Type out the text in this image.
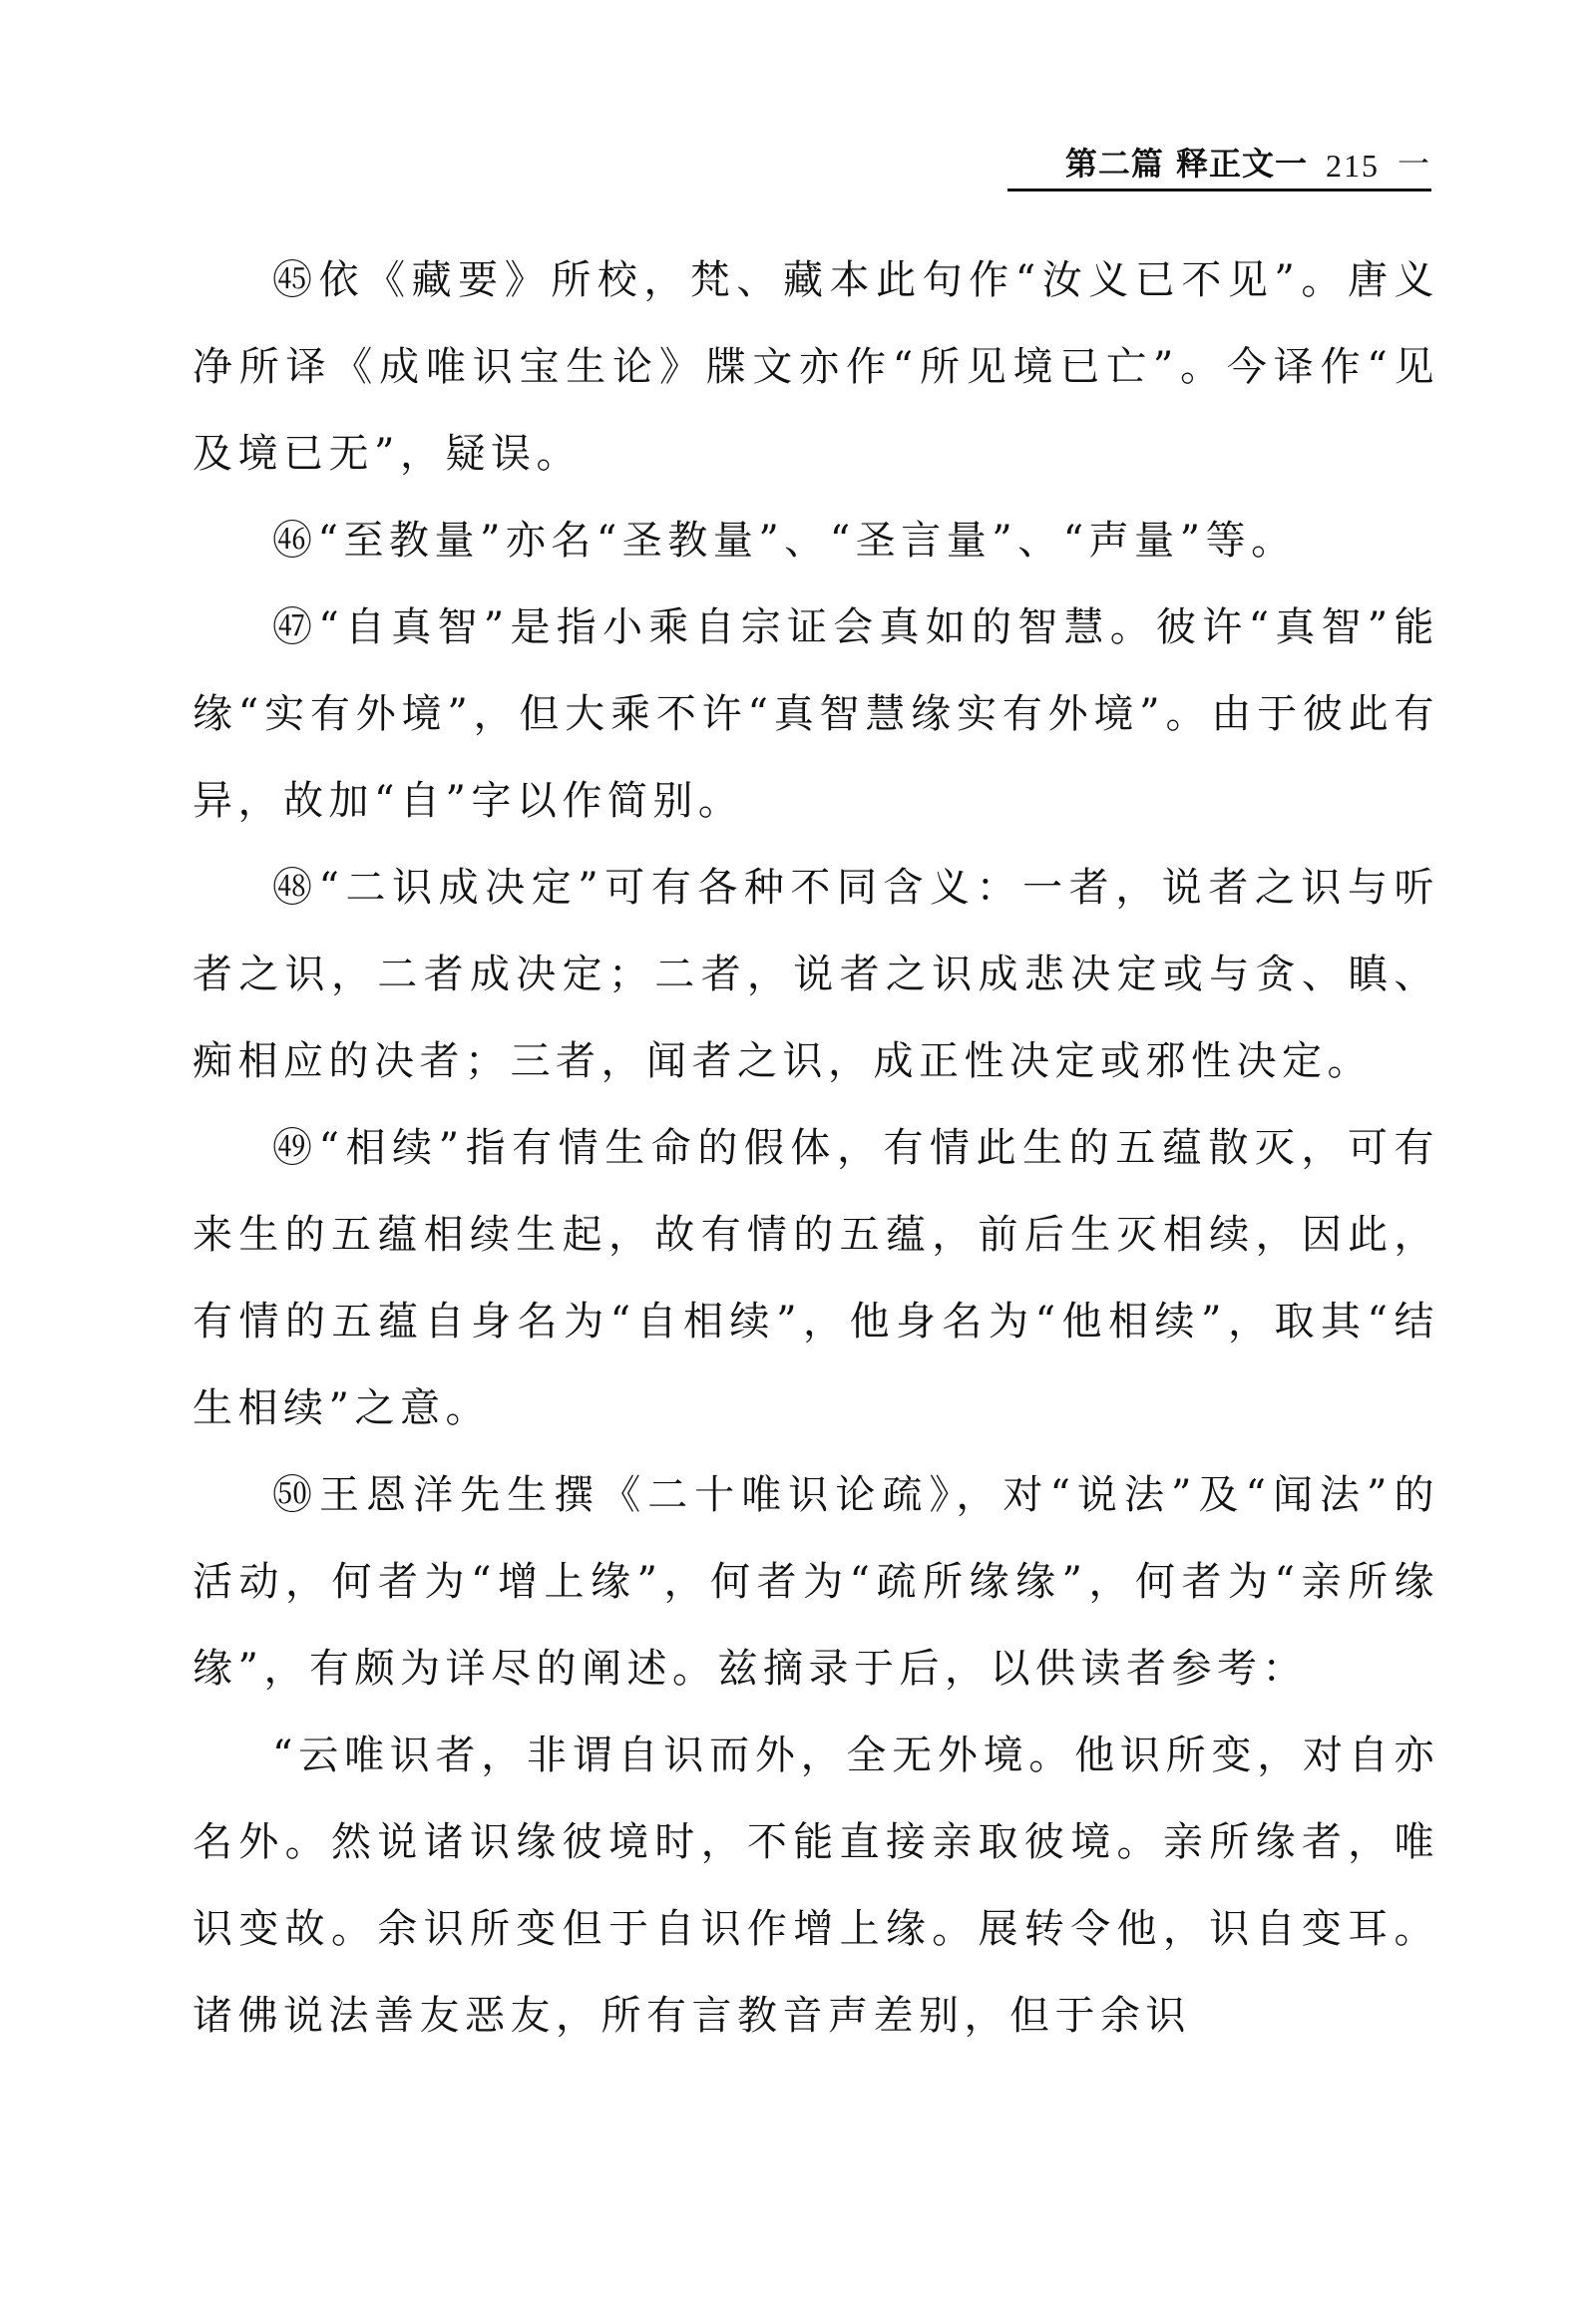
第二篇 释正文一 215 一

㊺依《藏要》所校，梵、藏本此句作“汝义已不见”。唐义净所译《成唯识宝生论》牒文亦作“所见境已亡”。今译作“见及境已无”，疑误。

㊻“至教量”亦名“圣教量”、“圣言量”、“声量”等。

㊼“自真智”是指小乘自宗证会真如的智慧。彼许“真智”能缘“实有外境”，但大乘不许“真智慧缘实有外境”。由于彼此有异，故加“自”字以作简别。

㊽“二识成决定”可有各种不同含义：一者，说者之识与听者之识，二者成决定；二者，说者之识成悲决定或与贪、瞋、痴相应的决者；三者，闻者之识，成正性决定或邪性决定。

㊾“相续”指有情生命的假体，有情此生的五蕴散灭，可有来生的五蕴相续生起，故有情的五蕴，前后生灭相续，因此，有情的五蕴自身名为“自相续”，他身名为“他相续”，取其“结生相续”之意。

㊿王恩洋先生撰《二十唯识论疏》，对“说法”及“闻法”的活动，何者为“增上缘”，何者为“疏所缘缘”，何者为“亲所缘缘”，有颇为详尽的阐述。兹摘录于后，以供读者参考：

“云唯识者，非谓自识而外，全无外境。他识所变，对自亦名外。然说诸识缘彼境时，不能直接亲取彼境。亲所缘者，唯识变故。余识所变但于自识作增上缘。展转令他，识自变耳。诸佛说法善友恶友，所有言教音声差别，但于余识
